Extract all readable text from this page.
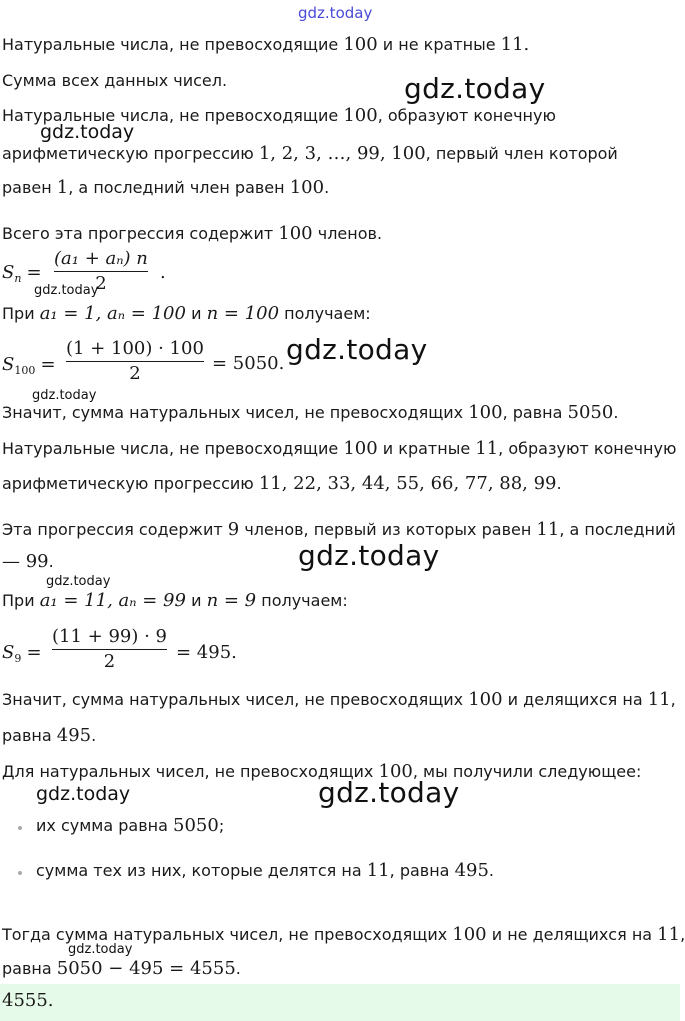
gdz.today
Натуральные числа, не превосходящие 100 и не кратные 11.
Сумма всех данных чисел.	gdz.today
Натуральные числа, не превосходящие 100, образуют конечную
gdz.today
арифметическую прогрессию 1, 2, 3, …, 99, 100, первый член которой
равен 1, а последний член равен 100.
Всего эта прогрессия содержит 100 членов.
$S_n$ =
(a₁ + aₙ) n
2
.
gdz.today
При a₁ = 1, aₙ = 100 и n = 100 получаем:
$S_{100}$ =
(1 + 100) · 100
2	= 5050. gdz.today
gdz.today
Значит, сумма натуральных чисел, не превосходящих 100, равна 5050.
Натуральные числа, не превосходящие 100 и кратные 11, образуют конечную
арифметическую прогрессию 11, 22, 33, 44, 55, 66, 77, 88, 99.
Эта прогрессия содержит 9 членов, первый из которых равен 11, а последний
— 99.	gdz.today
gdz.today
При a₁ = 11, aₙ = 99 и n = 9 получаем:
$S_9$ =
(11 + 99) · 9
2	= 495.
Значит, сумма натуральных чисел, не превосходящих 100 и делящихся на 11,
равна 495.
Для натуральных чисел, не превосходящих 100, мы получили следующее:
gdz.today	gdz.today
их сумма равна 5050;
сумма тех из них, которые делятся на 11, равна 495.
Тогда сумма натуральных чисел, не превосходящих 100 и не делящихся на 11,
gdz.today
равна 5050 − 495 = 4555.
4555.
